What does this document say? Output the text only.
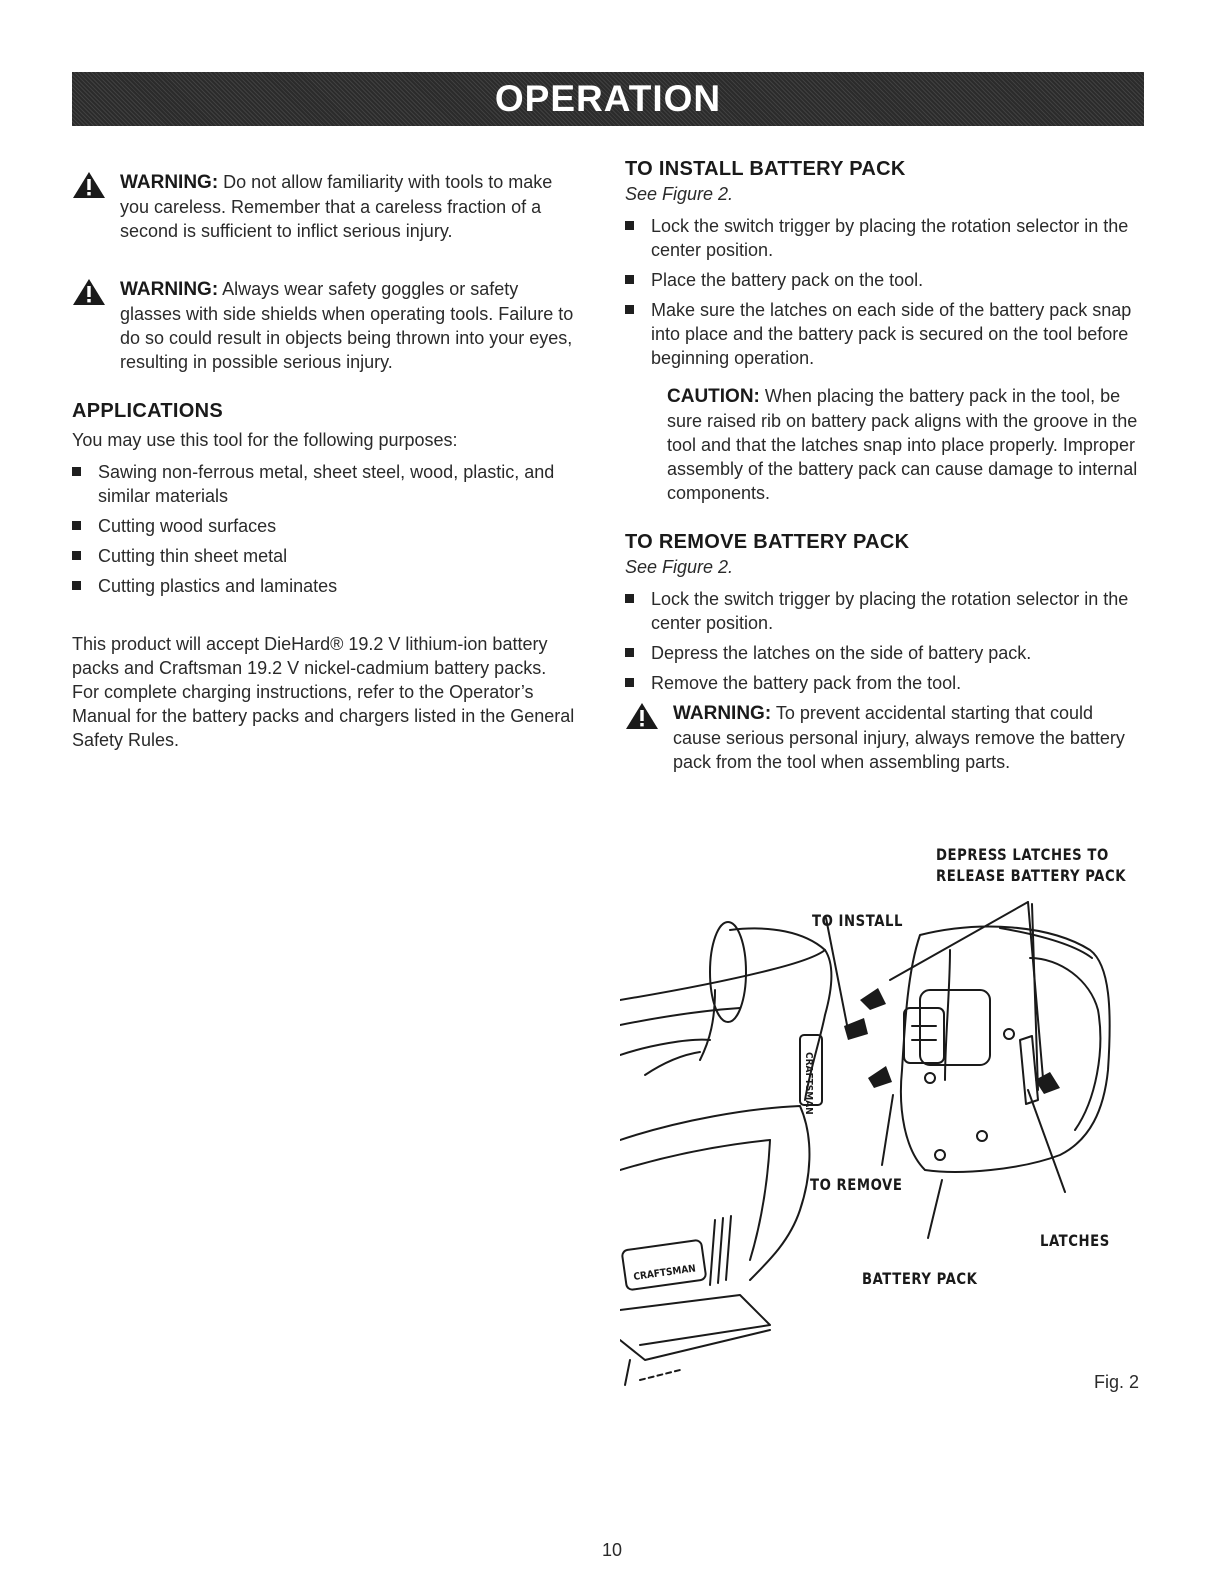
OPERATION

WARNING: Do not allow familiarity with tools to make you careless. Remember that a careless fraction of a second is sufficient to inflict serious injury.

WARNING: Always wear safety goggles or safety glasses with side shields when operating tools. Failure to do so could result in objects being thrown into your eyes, resulting in possible serious injury.

APPLICATIONS

You may use this tool for the following purposes:

Sawing non-ferrous metal, sheet steel, wood, plastic, and similar materials
Cutting wood surfaces
Cutting thin sheet metal
Cutting plastics and laminates

This product will accept DieHard® 19.2 V lithium-ion battery packs and Craftsman 19.2 V nickel-cadmium battery packs.

For complete charging instructions, refer to the Operator’s Manual for the battery packs and chargers listed in the General Safety Rules.

TO INSTALL BATTERY PACK

See Figure 2.

Lock the switch trigger by placing the rotation selector in the center position.
Place the battery pack on the tool.
Make sure the latches on each side of the battery pack snap into place and the battery pack is secured on the tool before beginning operation.

CAUTION: When placing the battery pack in the tool, be sure raised rib on battery pack aligns with the groove in the tool and that the latches snap into place properly. Improper assembly of the battery pack can cause damage to internal components.

TO REMOVE BATTERY PACK

See Figure 2.

Lock the switch trigger by placing the rotation selector in the center position.
Depress the latches on the side of battery pack.
Remove the battery pack from the tool.

WARNING: To prevent accidental starting that could cause serious personal injury, always remove the battery pack from the tool when assembling parts.

CRAFTSMAN
CRAFTSMAN
DEPRESS LATCHES TO
RELEASE BATTERY PACK
TO INSTALL
TO REMOVE
LATCHES
BATTERY PACK
Fig. 2
10
